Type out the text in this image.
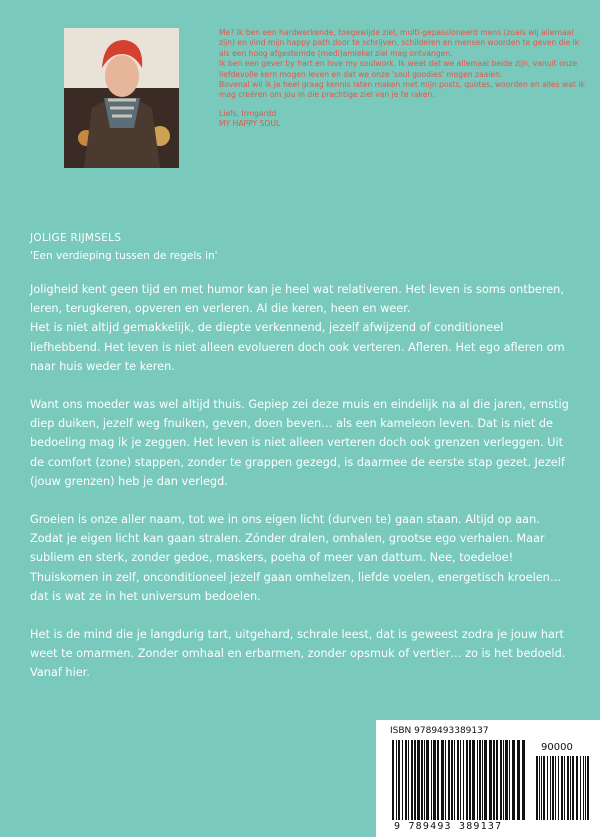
Me? Ik ben een hardwerkende, toegewijde ziel, multi-gepassioneerd mens (zoals wij allemaal zijn) en vind mijn happy path door te schrijven, schilderen en mensen woorden te geven die ik als een hoog afgestemde (medi)amiekel ziel mag ontvangen.

Ik ben een gever by hart en love my soulwork. Ik weet dat we allemaal beide zijn, vanuit onze liefdevolle kern mogen leven en dat we onze 'soul goodies' mogen zaaien.

Bovenal wil ik je heel graag kennis laten maken met mijn posts, quotes, woorden en alles wat ik mag creëren om jou in die prachtige ziel van je te raken.

Liefs, Irmgardd

MY HAPPY SOUL

JOLIGE RIJMSELS
'Een verdieping tussen de regels in'

Joligheid kent geen tijd en met humor kan je heel wat relativeren. Het leven is soms ontberen, leren, terugkeren, opveren en verleren. Al die keren, heen en weer.
Het is niet altijd gemakkelijk, de diepte verkennend, jezelf afwijzend of conditioneel liefhebbend. Het leven is niet alleen evolueren doch ook verteren. Afleren. Het ego afleren om naar huis weder te keren.

Want ons moeder was wel altijd thuis. Gepiep zei deze muis en eindelijk na al die jaren, ernstig diep duiken, jezelf weg fnuiken, geven, doen beven… als een kameleon leven. Dat is niet de bedoeling mag ik je zeggen. Het leven is niet alleen verteren doch ook grenzen verleggen. Uit de comfort (zone) stappen, zonder te grappen gezegd, is daarmee de eerste stap gezet. Jezelf (jouw grenzen) heb je dan verlegd.

Groeien is onze aller naam, tot we in ons eigen licht (durven te) gaan staan. Altijd op aan. Zodat je eigen licht kan gaan stralen. Zónder dralen, omhalen, grootse ego verhalen. Maar subliem en sterk, zonder gedoe, maskers, poeha of meer van dattum. Nee, toedeloe!
Thuiskomen in zelf, onconditioneel jezelf gaan omhelzen, liefde voelen, energetisch kroelen… dat is wat ze in het universum bedoelen.

Het is de mind die je langdurig tart, uitgehard, schrale leest, dat is geweest zodra je jouw hart weet te omarmen. Zonder omhaal en erbarmen, zonder opsmuk of vertier… zo is het bedoeld. Vanaf hier.

ISBN 9789493389137
90000
9 789493 389137
